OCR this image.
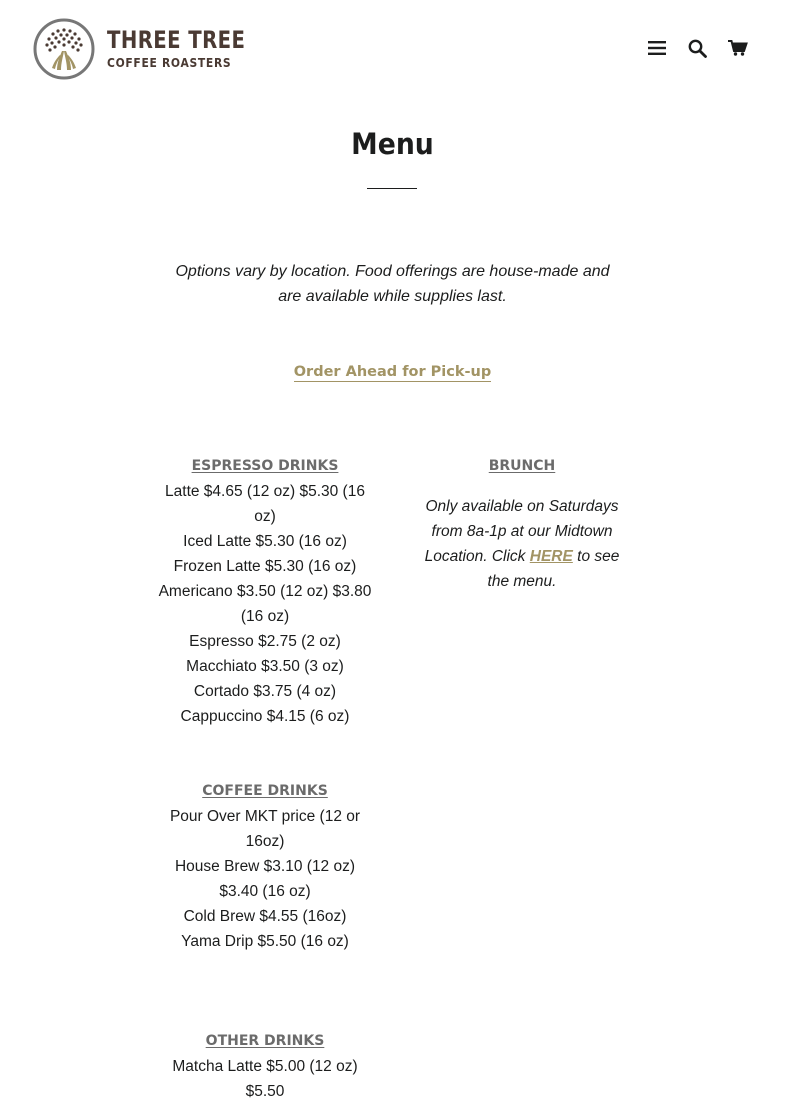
THREE TREE
COFFEE ROASTERS
Menu

Options vary by location. Food offerings are house-made and are available while supplies last.

Order Ahead for Pick-up
ESPRESSO DRINKS
Latte $4.65 (12 oz) $5.30 (16 oz)
Iced Latte $5.30 (16 oz)
Frozen Latte $5.30 (16 oz)
Americano $3.50 (12 oz) $3.80 (16 oz)
Espresso $2.75 (2 oz)
Macchiato $3.50 (3 oz)
Cortado $3.75 (4 oz)
Cappuccino $4.15 (6 oz)
BRUNCH

Only available on Saturdays from 8a-1p at our Midtown Location. Click HERE to see the menu.

COFFEE DRINKS
Pour Over MKT price (12 or 16oz)
House Brew $3.10 (12 oz) $3.40 (16 oz)
Cold Brew $4.55 (16oz)
Yama Drip $5.50 (16 oz)
OTHER DRINKS
Matcha Latte $5.00 (12 oz) $5.50
